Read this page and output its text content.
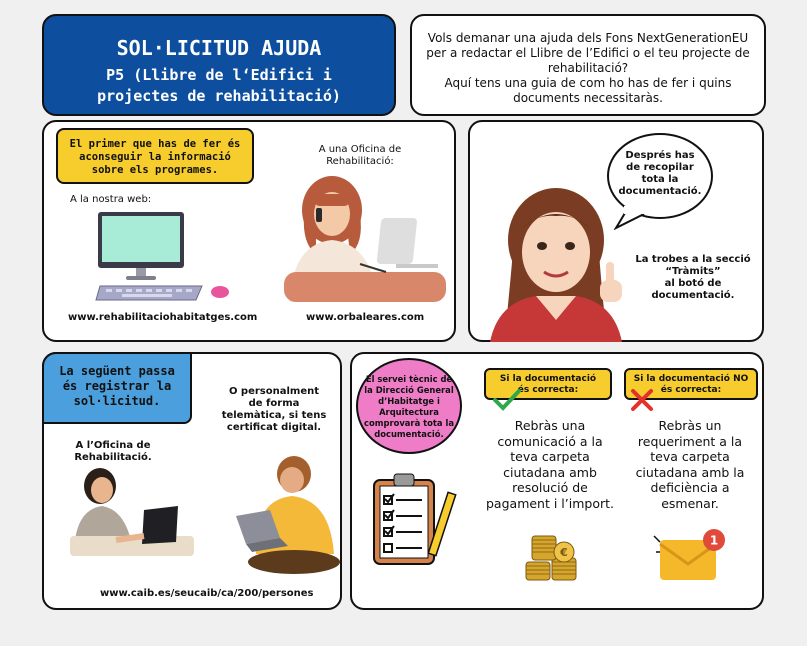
SOL·LICITUD AJUDA
P5 (Llibre de l‘Edifici i
projectes de rehabilitació)
Vols demanar una ajuda dels Fons NextGenerationEU
per a redactar el Llibre de l’Edifici o el teu projecte de
rehabilitació?
Aquí tens una guia de com ho has de fer i quins
documents necessitaràs.
El primer que has de fer és
aconseguir la informació
sobre els programes.
A la nostra web:
A una Oficina de
Rehabilitació:
www.rehabilitaciohabitatges.com	www.orbaleares.com
Després has
de recopilar
tota la
documentació.
La trobes a la secció
“Tràmits”
al botó de
documentació.
La següent passa
és registrar la
sol·licitud.
O personalment
de forma
telemàtica, si tens
certificat digital.
A l’Oficina de
Rehabilitació.
www.caib.es/seucaib/ca/200/persones
El servei tècnic de
la Direcció General
d’Habitatge i
Arquitectura
comprovarà tota la
documentació.
Si la documentació
és correcta:
Rebràs una
comunicació a la
teva carpeta
ciutadana amb
resolució de
pagament i l’import.
€
Si la documentació NO
és correcta:
Rebràs un
requeriment a la
teva carpeta
ciutadana amb la
deficiència a
esmenar.
1
